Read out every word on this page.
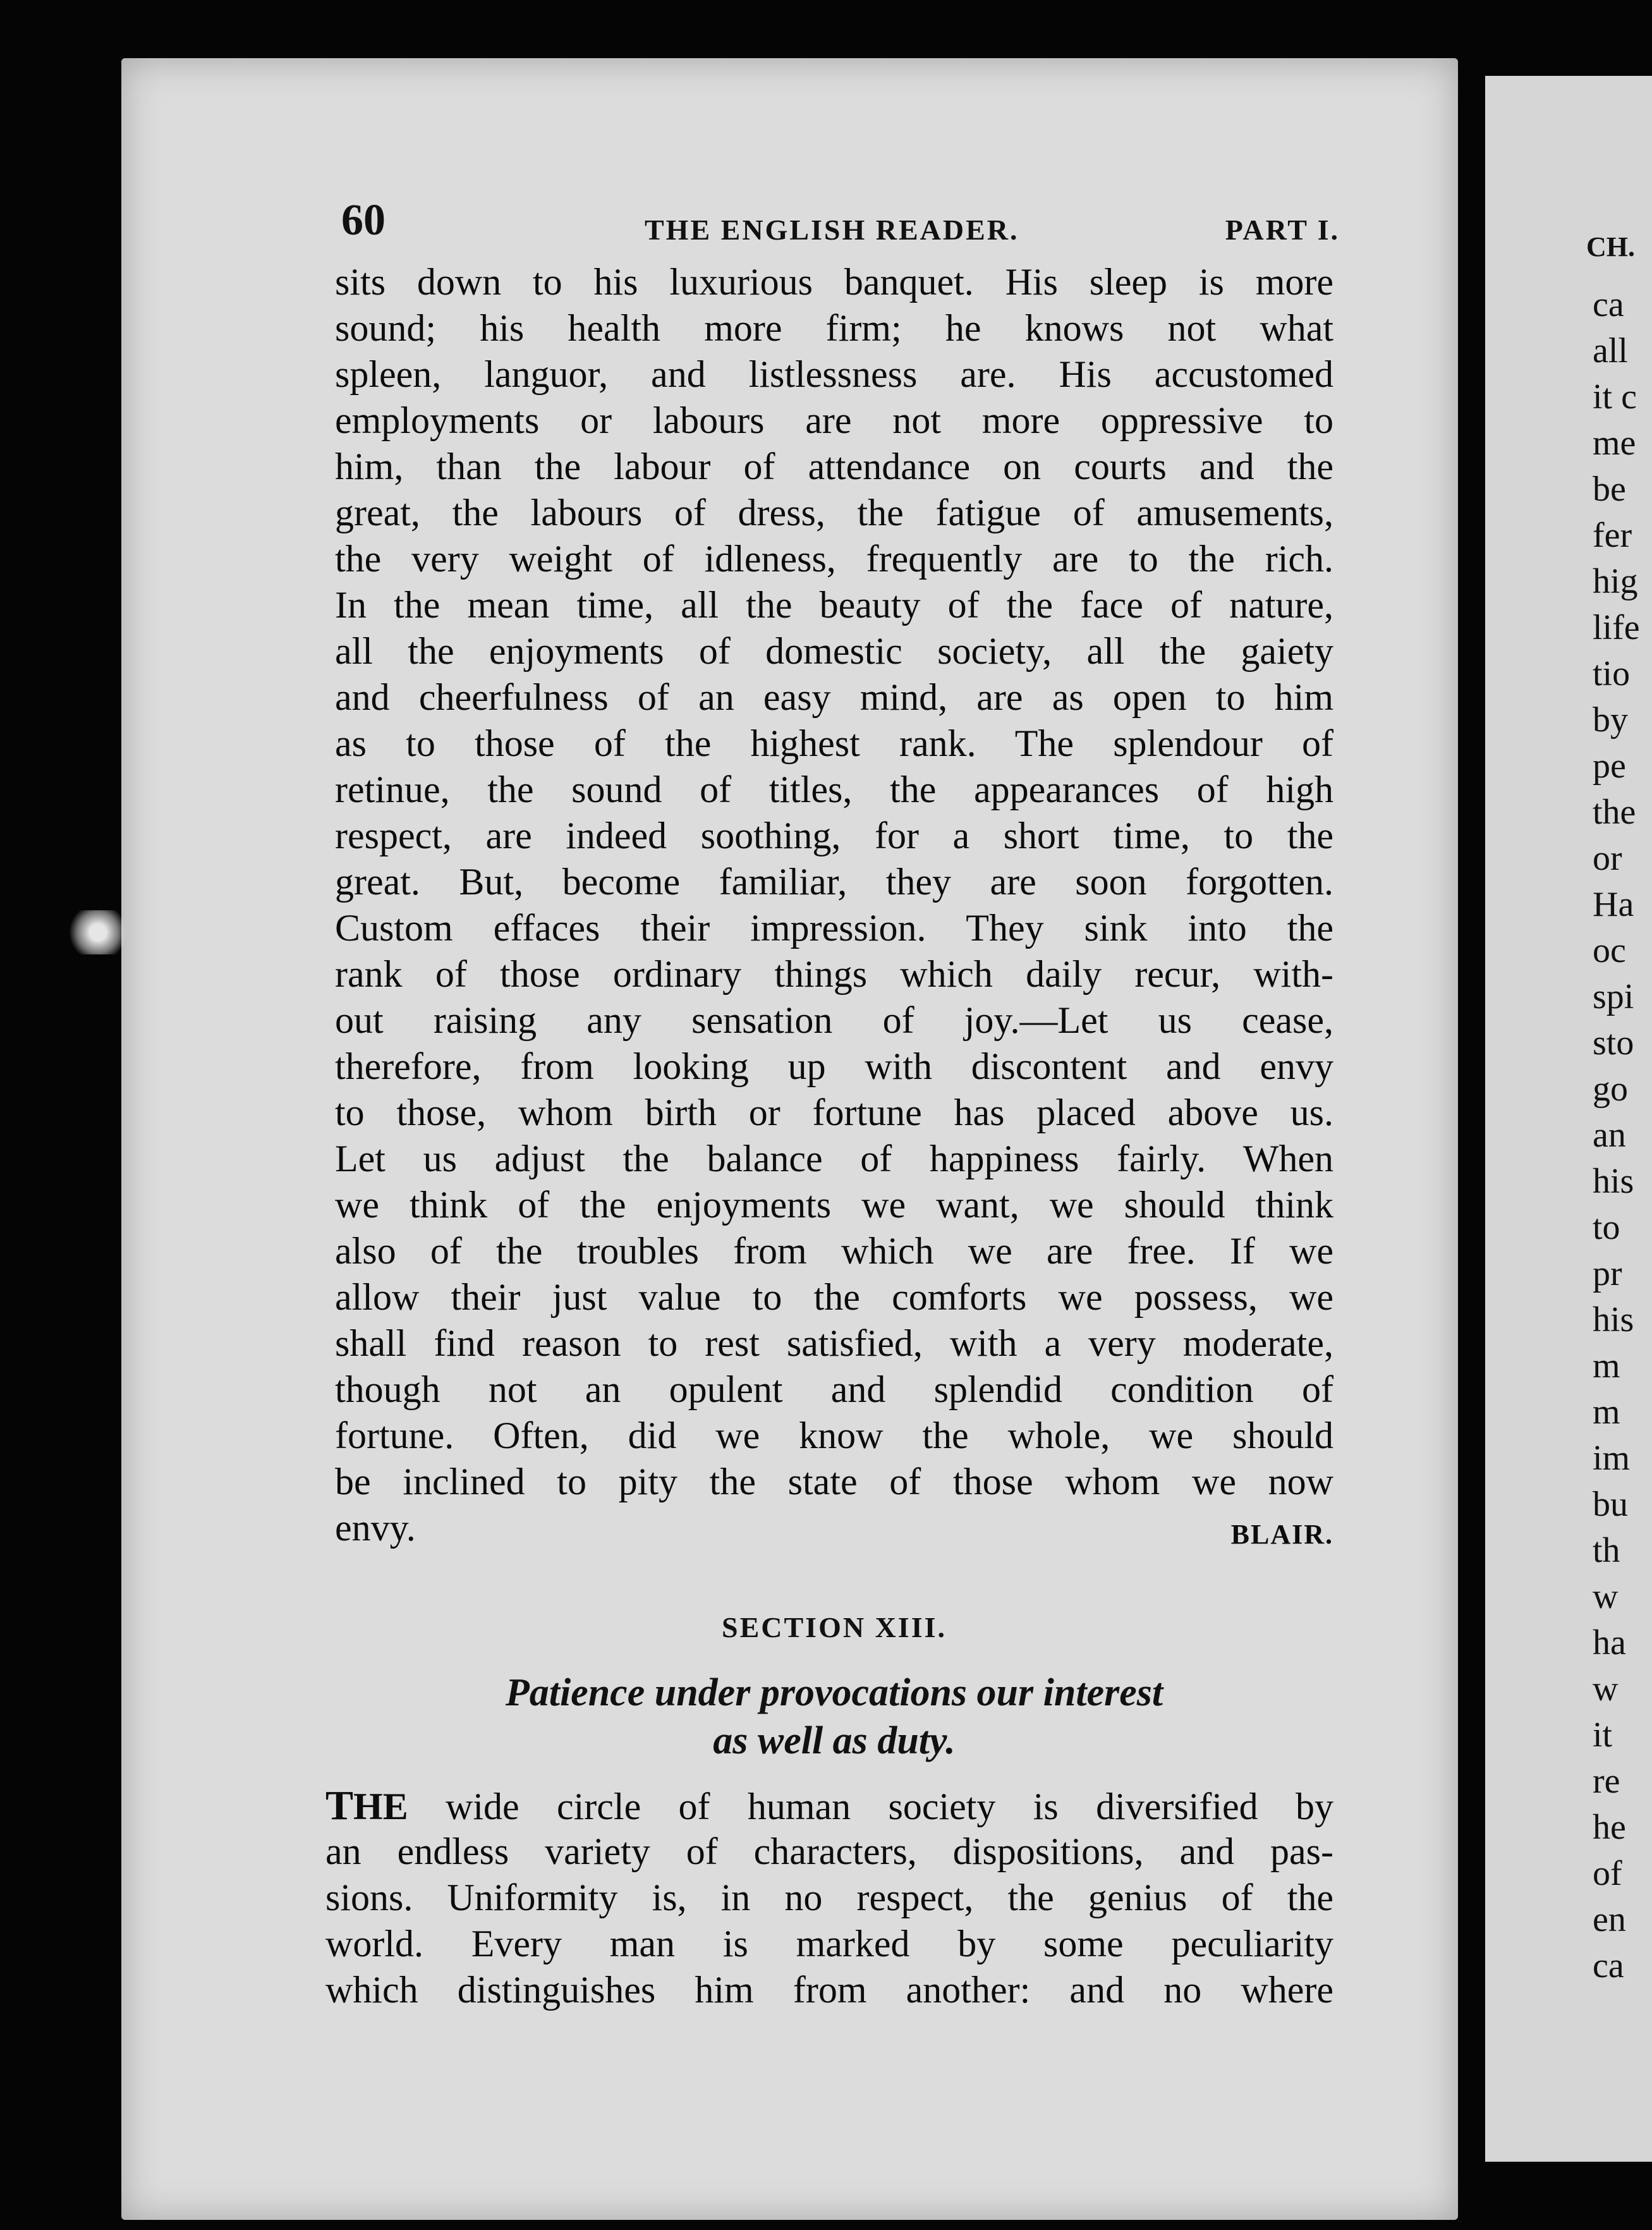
CH.
ca
all
it c
me
be
fer
hig
life
tio
by
pe
the
or
Ha
oc
spi
sto
go
an
his
to
pr
his
m
m
im
bu
th
w
ha
w
it
re
he
of
en
ca
60	THE ENGLISH READER.	PART I.
sits down to his luxurious banquet. His sleep is more
sound; his health more firm; he knows not what
spleen, languor, and listlessness are. His accustomed
employments or labours are not more oppressive to
him, than the labour of attendance on courts and the
great, the labours of dress, the fatigue of amusements,
the very weight of idleness, frequently are to the rich.
In the mean time, all the beauty of the face of nature,
all the enjoyments of domestic society, all the gaiety
and cheerfulness of an easy mind, are as open to him
as to those of the highest rank. The splendour of
retinue, the sound of titles, the appearances of high
respect, are indeed soothing, for a short time, to the
great. But, become familiar, they are soon forgotten.
Custom effaces their impression. They sink into the
rank of those ordinary things which daily recur, with-
out raising any sensation of joy.—Let us cease,
therefore, from looking up with discontent and envy
to those, whom birth or fortune has placed above us.
Let us adjust the balance of happiness fairly. When
we think of the enjoyments we want, we should think
also of the troubles from which we are free. If we
allow their just value to the comforts we possess, we
shall find reason to rest satisfied, with a very moderate,
though not an opulent and splendid condition of
fortune. Often, did we know the whole, we should
be inclined to pity the state of those whom we now
envy.	BLAIR.
SECTION XIII.
Patience under provocations our interest
as well as duty.
THE wide circle of human society is diversified by
an endless variety of characters, dispositions, and pas-
sions. Uniformity is, in no respect, the genius of the
world. Every man is marked by some peculiarity
which distinguishes him from another: and no where
